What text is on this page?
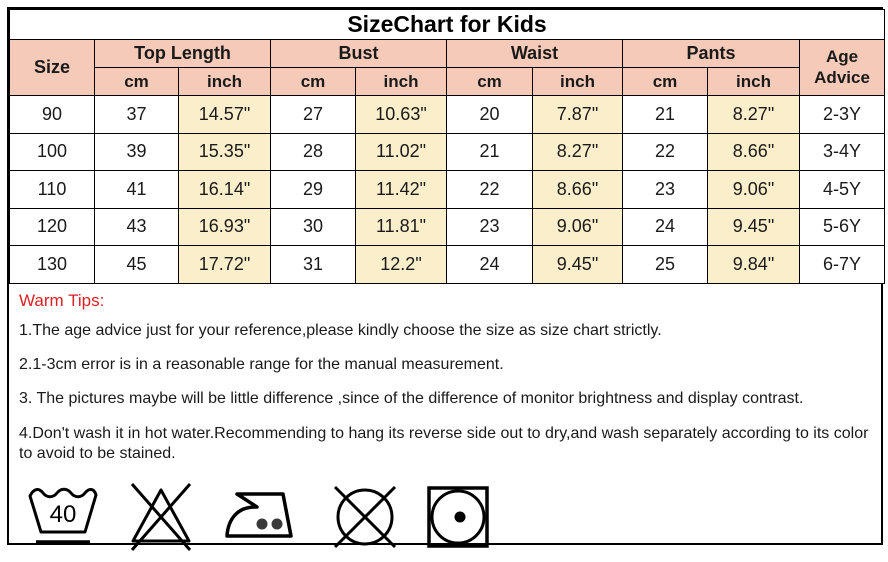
SizeChart for Kids									
Size	Top Length		Bust		Waist		Pants		Age Advice
	cm	inch	cm	inch	cm	inch	cm	inch	
90	37	14.57"	27	10.63"	20	7.87"	21	8.27"	2-3Y
100	39	15.35"	28	11.02"	21	8.27"	22	8.66"	3-4Y
110	41	16.14"	29	11.42"	22	8.66"	23	9.06"	4-5Y
120	43	16.93"	30	11.81"	23	9.06"	24	9.45"	5-6Y
130	45	17.72"	31	12.2"	24	9.45"	25	9.84"	6-7Y

Warm Tips:

1.The age advice just for your reference,please kindly choose the size as size chart strictly.

2.1-3cm error is in a reasonable range for the manual measurement.

3. The pictures maybe will be little difference ,since of the difference of monitor brightness and display contrast.

4.Don't wash it in hot water.Recommending to hang its reverse side out to dry,and wash separately according to its color to avoid to be stained.

40
